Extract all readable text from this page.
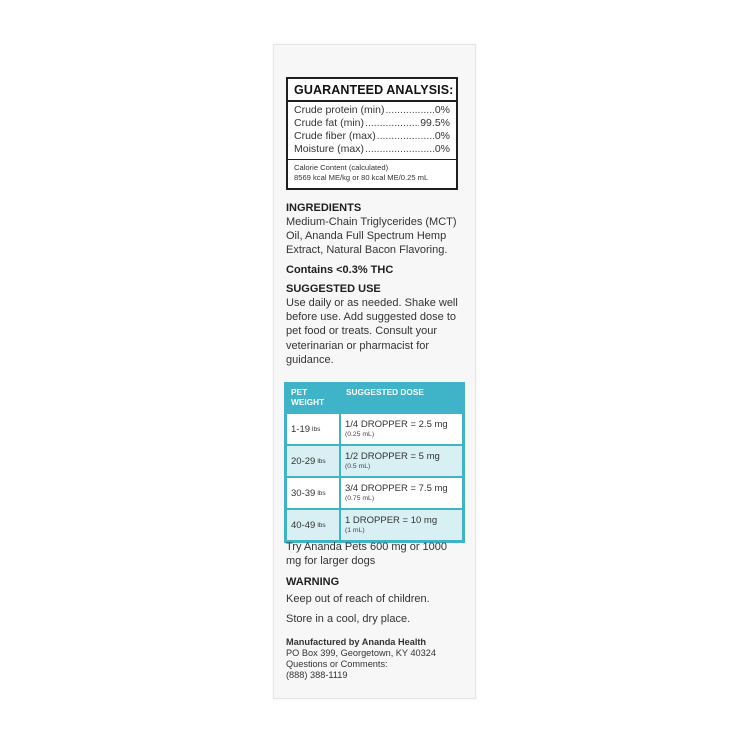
GUARANTEED ANALYSIS:
Crude protein (min) .....	0%
Crude fat (min) .....	99.5%
Crude fiber (max) .....	0%
Moisture (max) .....	0%
Calorie Content (calculated)
8569 kcal ME/kg or 80 kcal ME/0.25 mL
INGREDIENTS
Medium-Chain Triglycerides (MCT) Oil, Ananda Full Spectrum Hemp Extract, Natural Bacon Flavoring.
Contains <0.3% THC
SUGGESTED USE
Use daily or as needed. Shake well before use. Add suggested dose to pet food or treats. Consult your veterinarian or pharmacist for guidance.
PET WEIGHT
SUGGESTED DOSE
1-19 lbs	1/4 DROPPER = 2.5 mg
(0.25 mL)
20-29 lbs 1/2 DROPPER = 5 mg
(0.5 mL)
30-39 lbs 3/4 DROPPER = 7.5 mg
(0.75 mL)
40-49 lbs 1 DROPPER = 10 mg
(1 mL)
Try Ananda Pets 600 mg or 1000 mg for larger dogs
WARNING
Keep out of reach of children.
Store in a cool, dry place.
Manufactured by Ananda Health
PO Box 399, Georgetown, KY 40324
Questions or Comments:
(888) 388-1119
